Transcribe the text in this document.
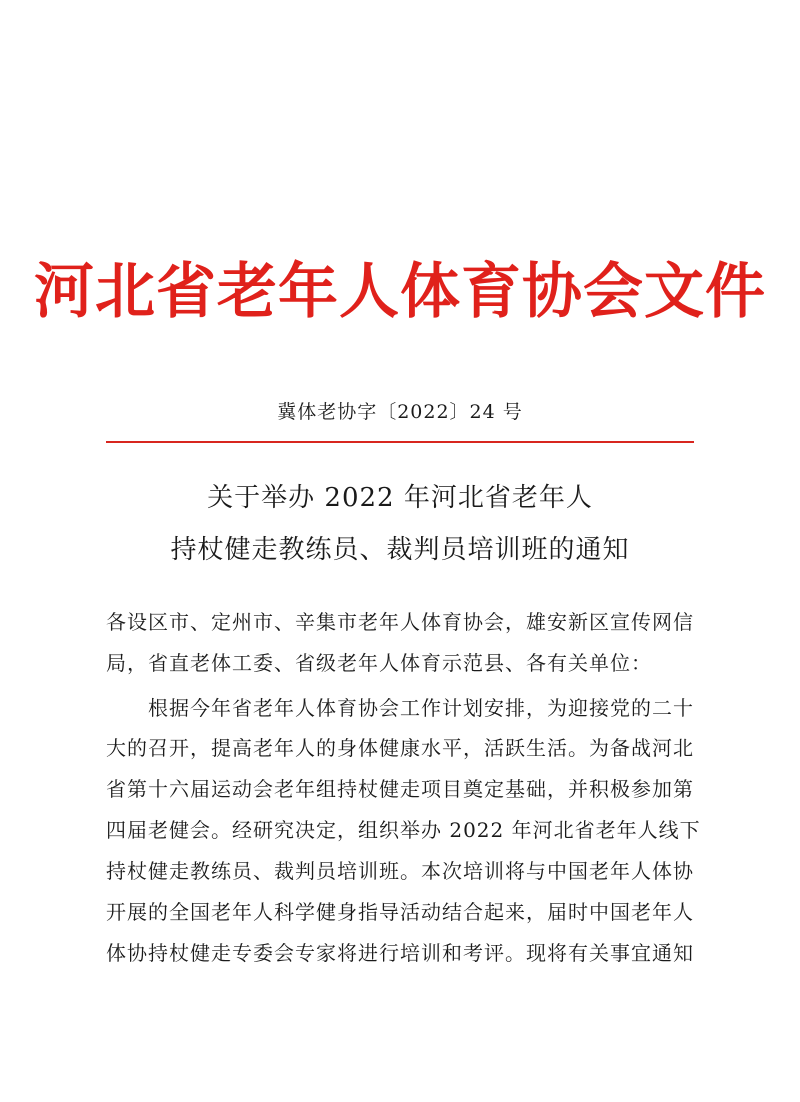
河北省老年人体育协会文件
冀体老协字〔2022〕24 号
关于举办 2022 年河北省老年人
持杖健走教练员、裁判员培训班的通知
各设区市、定州市、辛集市老年人体育协会，雄安新区宣传网信
局，省直老体工委、省级老年人体育示范县、各有关单位：
　　根据今年省老年人体育协会工作计划安排，为迎接党的二十
大的召开，提高老年人的身体健康水平，活跃生活。为备战河北
省第十六届运动会老年组持杖健走项目奠定基础，并积极参加第
四届老健会。经研究决定，组织举办 2022 年河北省老年人线下
持杖健走教练员、裁判员培训班。本次培训将与中国老年人体协
开展的全国老年人科学健身指导活动结合起来，届时中国老年人
体协持杖健走专委会专家将进行培训和考评。现将有关事宜通知
